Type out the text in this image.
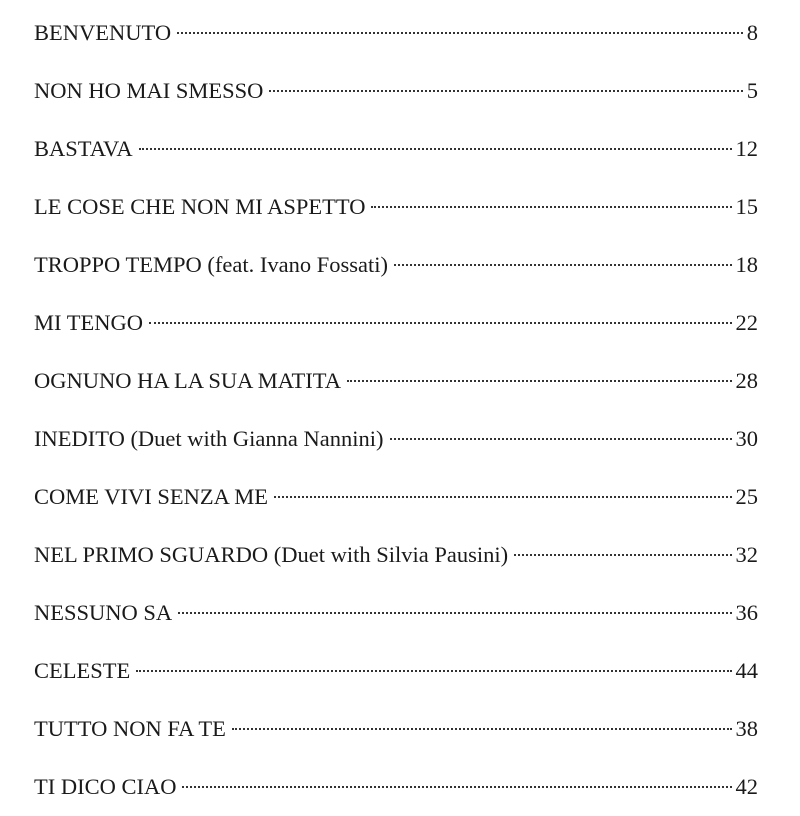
BENVENUTO	8
NON HO MAI SMESSO	5
BASTAVA	12
LE COSE CHE NON MI ASPETTO	15
TROPPO TEMPO (feat. Ivano Fossati)	18
MI TENGO	22
OGNUNO HA LA SUA MATITA	28
INEDITO (Duet with Gianna Nannini)	30
COME VIVI SENZA ME	25
NEL PRIMO SGUARDO (Duet with Silvia Pausini)	32
NESSUNO SA	36
CELESTE	44
TUTTO NON FA TE	38
TI DICO CIAO	42
